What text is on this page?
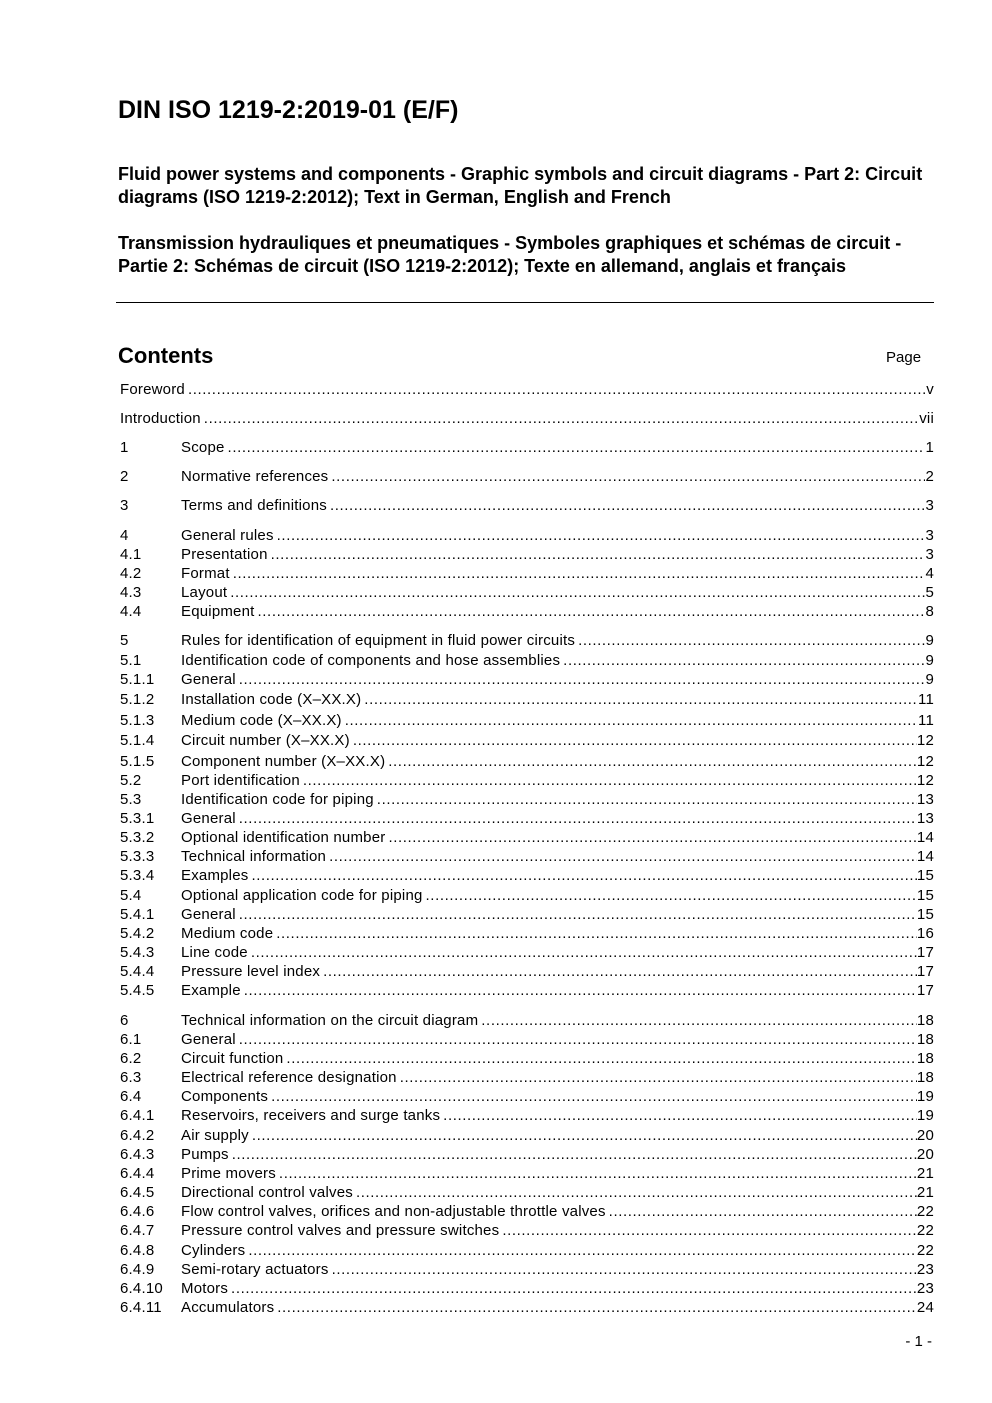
DIN ISO 1219-2:2019-01 (E/F)

Fluid power systems and components - Graphic symbols and circuit diagrams - Part 2: Circuit diagrams (ISO 1219-2:2012); Text in German, English and French

Transmission hydrauliques et pneumatiques - Symboles graphiques et schémas de circuit - Partie 2: Schémas de circuit (ISO 1219-2:2012); Texte en allemand, anglais et français

Contents	Page
Foreword .....	v
Introduction .....	vii
1	Scope .....	1
2	Normative references .....	2
3	Terms and definitions .....	3
4	General rules .....	3
4.1	Presentation .....	3
4.2	Format .....	4
4.3	Layout .....	5
4.4	Equipment .....	8
5	Rules for identification of equipment in fluid power circuits .....	9
5.1	Identification code of components and hose assemblies .....	9
5.1.1	General .....	9
5.1.2	Installation code (X–XX.X) .....	11
5.1.3	Medium code (X–XX.X) .....	11
5.1.4	Circuit number (X–XX.X) .....	12
5.1.5	Component number (X–XX.X) .....	12
5.2	Port identification .....	12
5.3	Identification code for piping .....	13
5.3.1	General .....	13
5.3.2	Optional identification number .....	14
5.3.3	Technical information .....	14
5.3.4	Examples .....	15
5.4	Optional application code for piping .....	15
5.4.1	General .....	15
5.4.2	Medium code .....	16
5.4.3	Line code .....	17
5.4.4	Pressure level index .....	17
5.4.5	Example .....	17
6	Technical information on the circuit diagram .....	18
6.1	General .....	18
6.2	Circuit function .....	18
6.3	Electrical reference designation .....	18
6.4	Components .....	19
6.4.1	Reservoirs, receivers and surge tanks .....	19
6.4.2	Air supply .....	20
6.4.3	Pumps .....	20
6.4.4	Prime movers .....	21
6.4.5	Directional control valves .....	21
6.4.6	Flow control valves, orifices and non-adjustable throttle valves .....	22
6.4.7	Pressure control valves and pressure switches .....	22
6.4.8	Cylinders .....	22
6.4.9	Semi-rotary actuators .....	23
6.4.10	Motors .....	23
6.4.11	Accumulators .....	24
- 1 -
